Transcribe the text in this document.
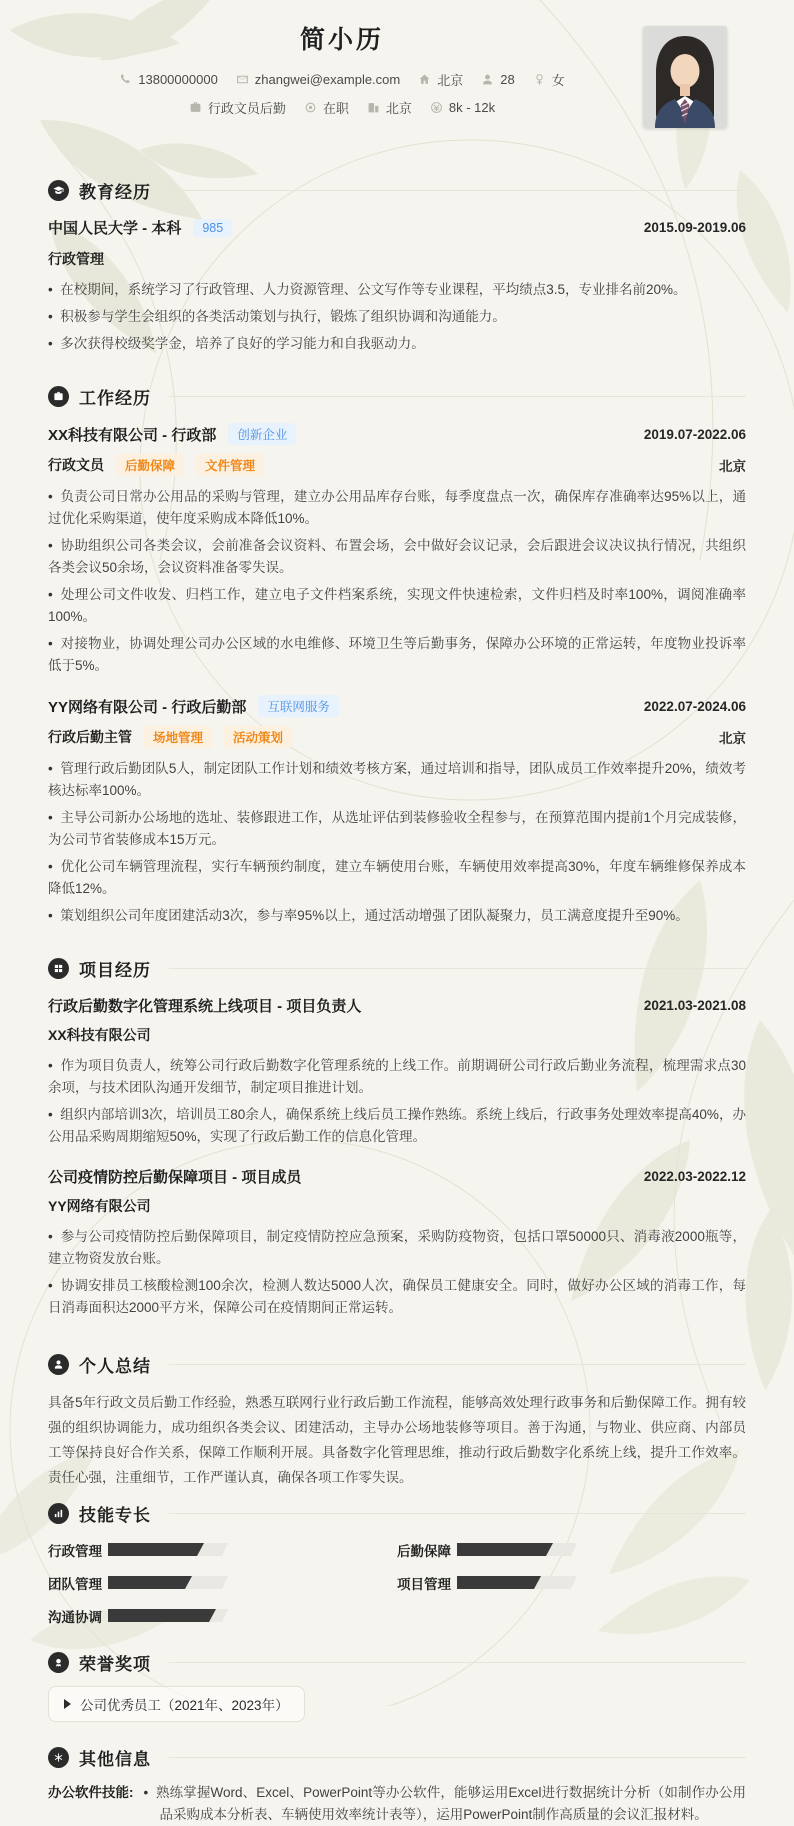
简小历
13800000000	zhangwei@example.com	北京	28	女
行政文员后勤	在职	北京	8k - 12k
教育经历
中国人民大学 - 本科	985	2015.09-2019.06
行政管理

•  在校期间，系统学习了行政管理、人力资源管理、公文写作等专业课程，平均绩点3.5，专业排名前20%。

•  积极参与学生会组织的各类活动策划与执行，锻炼了组织协调和沟通能力。

•  多次获得校级奖学金，培养了良好的学习能力和自我驱动力。

工作经历
XX科技有限公司 - 行政部	创新企业	2019.07-2022.06
行政文员	后勤保障	文件管理	北京

•  负责公司日常办公用品的采购与管理，建立办公用品库存台账，每季度盘点一次，确保库存准确率达95%以上，通过优化采购渠道，使年度采购成本降低10%。

•  协助组织公司各类会议，会前准备会议资料、布置会场，会中做好会议记录，会后跟进会议决议执行情况，共组织各类会议50余场，会议资料准备零失误。

•  处理公司文件收发、归档工作，建立电子文件档案系统，实现文件快速检索，文件归档及时率100%，调阅准确率100%。

•  对接物业，协调处理公司办公区域的水电维修、环境卫生等后勤事务，保障办公环境的正常运转，年度物业投诉率低于5%。

YY网络有限公司 - 行政后勤部	互联网服务	2022.07-2024.06
行政后勤主管	场地管理	活动策划	北京

•  管理行政后勤团队5人，制定团队工作计划和绩效考核方案，通过培训和指导，团队成员工作效率提升20%，绩效考核达标率100%。

•  主导公司新办公场地的选址、装修跟进工作，从选址评估到装修验收全程参与，在预算范围内提前1个月完成装修，为公司节省装修成本15万元。

•  优化公司车辆管理流程，实行车辆预约制度，建立车辆使用台账，车辆使用效率提高30%，年度车辆维修保养成本降低12%。

•  策划组织公司年度团建活动3次，参与率95%以上，通过活动增强了团队凝聚力，员工满意度提升至90%。

项目经历
行政后勤数字化管理系统上线项目 - 项目负责人	2021.03-2021.08
XX科技有限公司

•  作为项目负责人，统筹公司行政后勤数字化管理系统的上线工作。前期调研公司行政后勤业务流程，梳理需求点30余项，与技术团队沟通开发细节，制定项目推进计划。

•  组织内部培训3次，培训员工80余人，确保系统上线后员工操作熟练。系统上线后，行政事务处理效率提高40%，办公用品采购周期缩短50%，实现了行政后勤工作的信息化管理。

公司疫情防控后勤保障项目 - 项目成员	2022.03-2022.12
YY网络有限公司

•  参与公司疫情防控后勤保障项目，制定疫情防控应急预案，采购防疫物资，包括口罩50000只、消毒液2000瓶等，建立物资发放台账。

•  协调安排员工核酸检测100余次，检测人数达5000人次，确保员工健康安全。同时，做好办公区域的消毒工作，每日消毒面积达2000平方米，保障公司在疫情期间正常运转。

个人总结

具备5年行政文员后勤工作经验，熟悉互联网行业行政后勤工作流程，能够高效处理行政事务和后勤保障工作。拥有较强的组织协调能力，成功组织各类会议、团建活动，主导办公场地装修等项目。善于沟通，与物业、供应商、内部员工等保持良好合作关系，保障工作顺利开展。具备数字化管理思维，推动行政后勤数字化系统上线，提升工作效率。责任心强，注重细节，工作严谨认真，确保各项工作零失误。

技能专长
行政管理	后勤保障
团队管理	项目管理
沟通协调
荣誉奖项
公司优秀员工（2021年、2023年）
其他信息
办公软件技能:	•  熟练掌握Word、Excel、PowerPoint等办公软件，能够运用Excel进行数据统计分析（如制作办公用品采购成本分析表、车辆使用效率统计表等），运用PowerPoint制作高质量的会议汇报材料。
